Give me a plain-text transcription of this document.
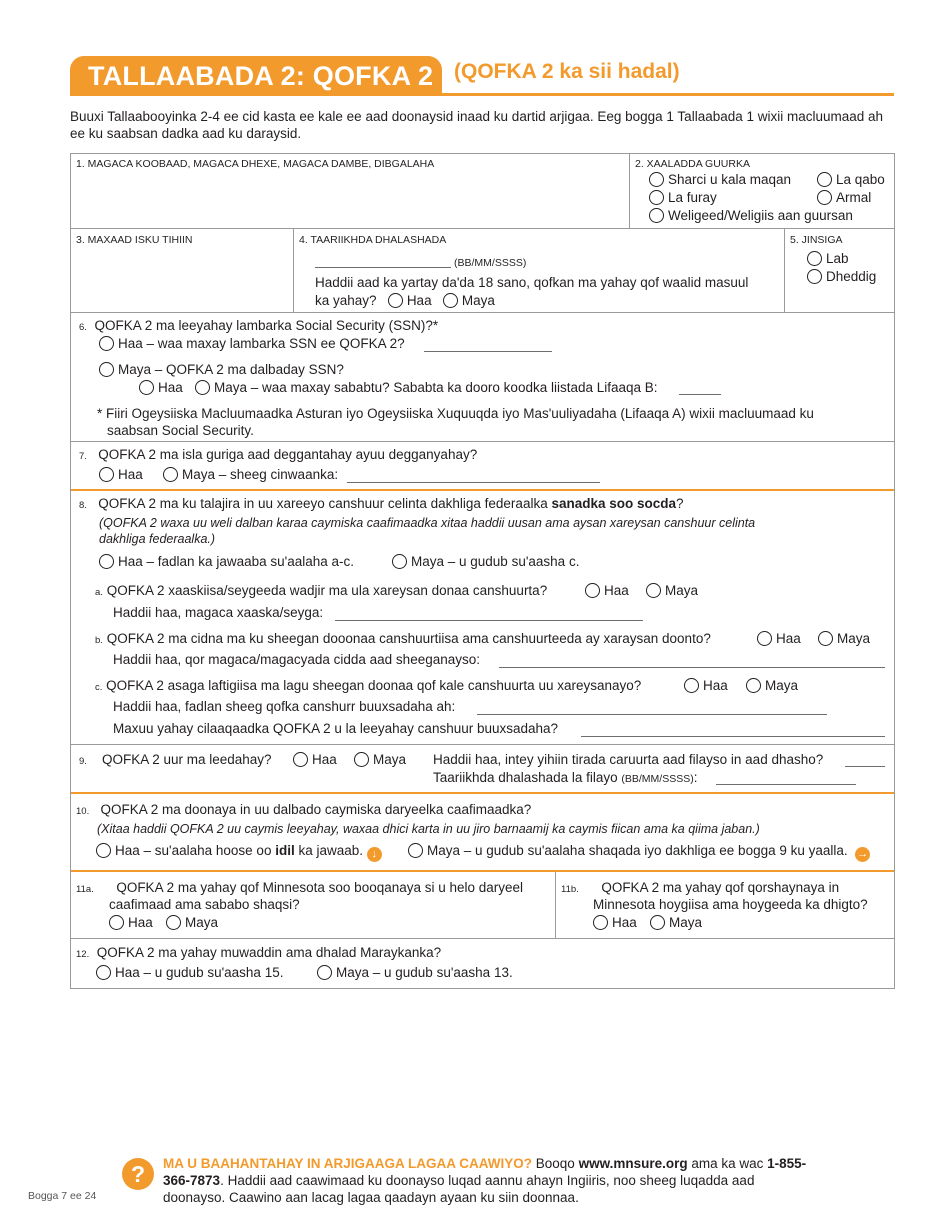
TALLAABADA 2: QOFKA 2 (QOFKA 2 ka sii hadal)
Buuxi Tallaabooyinka 2-4 ee cid kasta ee kale ee aad doonaysid inaad ku dartid arjigaa. Eeg bogga 1 Tallaabada 1 wixii macluumaad ah ee ku saabsan dadka aad ku daraysid.
1. MAGACA KOOBAAD, MAGACA DHEXE, MAGACA DAMBE, DIBGALAHA	2. XAALADDA GUURKA
Sharci u kala maqan	La qabo
La furay	Armal
Weligeed/Weligiis aan guursan
3. MAXAAD ISKU TIHIIN	4. TAARIIKHDA DHALASHADA
(BB/MM/SSSS)
Haddii aad ka yartay da'da 18 sano, qofkan ma yahay qof waalid masuul
ka yahay? Haa Maya
5. JINSIGA
Lab
Dheddig
6. QOFKA 2 ma leeyahay lambarka Social Security (SSN)?*
Haa – waa maxay lambarka SSN ee QOFKA 2?
Maya – QOFKA 2 ma dalbaday SSN?
Haa	Maya – waa maxay sababtu? Sababta ka dooro koodka liistada Lifaaqa B:
* Fiiri Ogeysiiska Macluumaadka Asturan iyo Ogeysiiska Xuquuqda iyo Mas'uuliyadaha (Lifaaqa A) wixii macluumaad ku
saabsan Social Security.
7. QOFKA 2 ma isla guriga aad deggantahay ayuu degganyahay?
Haa	Maya – sheeg cinwaanka:
8. QOFKA 2 ma ku talajira in uu xareeyo canshuur celinta dakhliga federaalka sanadka soo socda?
(QOFKA 2 waxa uu weli dalban karaa caymiska caafimaadka xitaa haddii uusan ama aysan xareysan canshuur celinta
dakhliga federaalka.)
Haa – fadlan ka jawaaba su'aalaha a-c.	Maya – u gudub su'aasha c.
a. QOFKA 2 xaaskiisa/seygeeda wadjir ma ula xareysan donaa canshuurta?	Haa	Maya
Haddii haa, magaca xaaska/seyga:
b. QOFKA 2 ma cidna ma ku sheegan dooonaa canshuurtiisa ama canshuurteeda ay xaraysan doonto?	Haa	Maya
Haddii haa, qor magaca/magacyada cidda aad sheeganayso:
c. QOFKA 2 asaga laftigiisa ma lagu sheegan doonaa qof kale canshuurta uu xareysanayo?	Haa	Maya
Haddii haa, fadlan sheeg qofka canshurr buuxsadaha ah:
Maxuu yahay cilaaqaadka QOFKA 2 u la leeyahay canshuur buuxsadaha?
9. QOFKA 2 uur ma leedahay?	Haa	Maya Haddii haa, intey yihiin tirada caruurta aad filayso in aad dhasho?
Taariikhda dhalashada la filayo (BB/MM/SSSS):
10. QOFKA 2 ma doonaya in uu dalbado caymiska daryeelka caafimaadka?
(Xitaa haddii QOFKA 2 uu caymis leeyahay, waxaa dhici karta in uu jiro barnaamij ka caymis fiican ama ka qiima jaban.)
Haa – su'aalaha hoose oo idil ka jawaab. ↓	Maya – u gudub su'aalaha shaqada iyo dakhliga ee bogga 9 ku yaalla. →
11a. QOFKA 2 ma yahay qof Minnesota soo booqanaya si u helo daryeel
caafimaad ama sababo shaqsi?
Haa	Maya
11b. QOFKA 2 ma yahay qof qorshaynaya in
Minnesota hoygiisa ama hoygeeda ka dhigto?
Haa	Maya
12. QOFKA 2 ma yahay muwaddin ama dhalad Maraykanka?
Haa – u gudub su'aasha 15.	Maya – u gudub su'aasha 13.
?	MA U BAAHANTAHAY IN ARJIGAAGA LAGAA CAAWIYO? Booqo www.mnsure.org ama ka wac 1-855-366-7873. Haddii aad caawimaad ku doonayso luqad aannu ahayn Ingiiris, noo sheeg luqadda aad doonayso. Caawino aan lacag lagaa qaadayn ayaan ku siin doonnaa.
Bogga 7 ee 24
